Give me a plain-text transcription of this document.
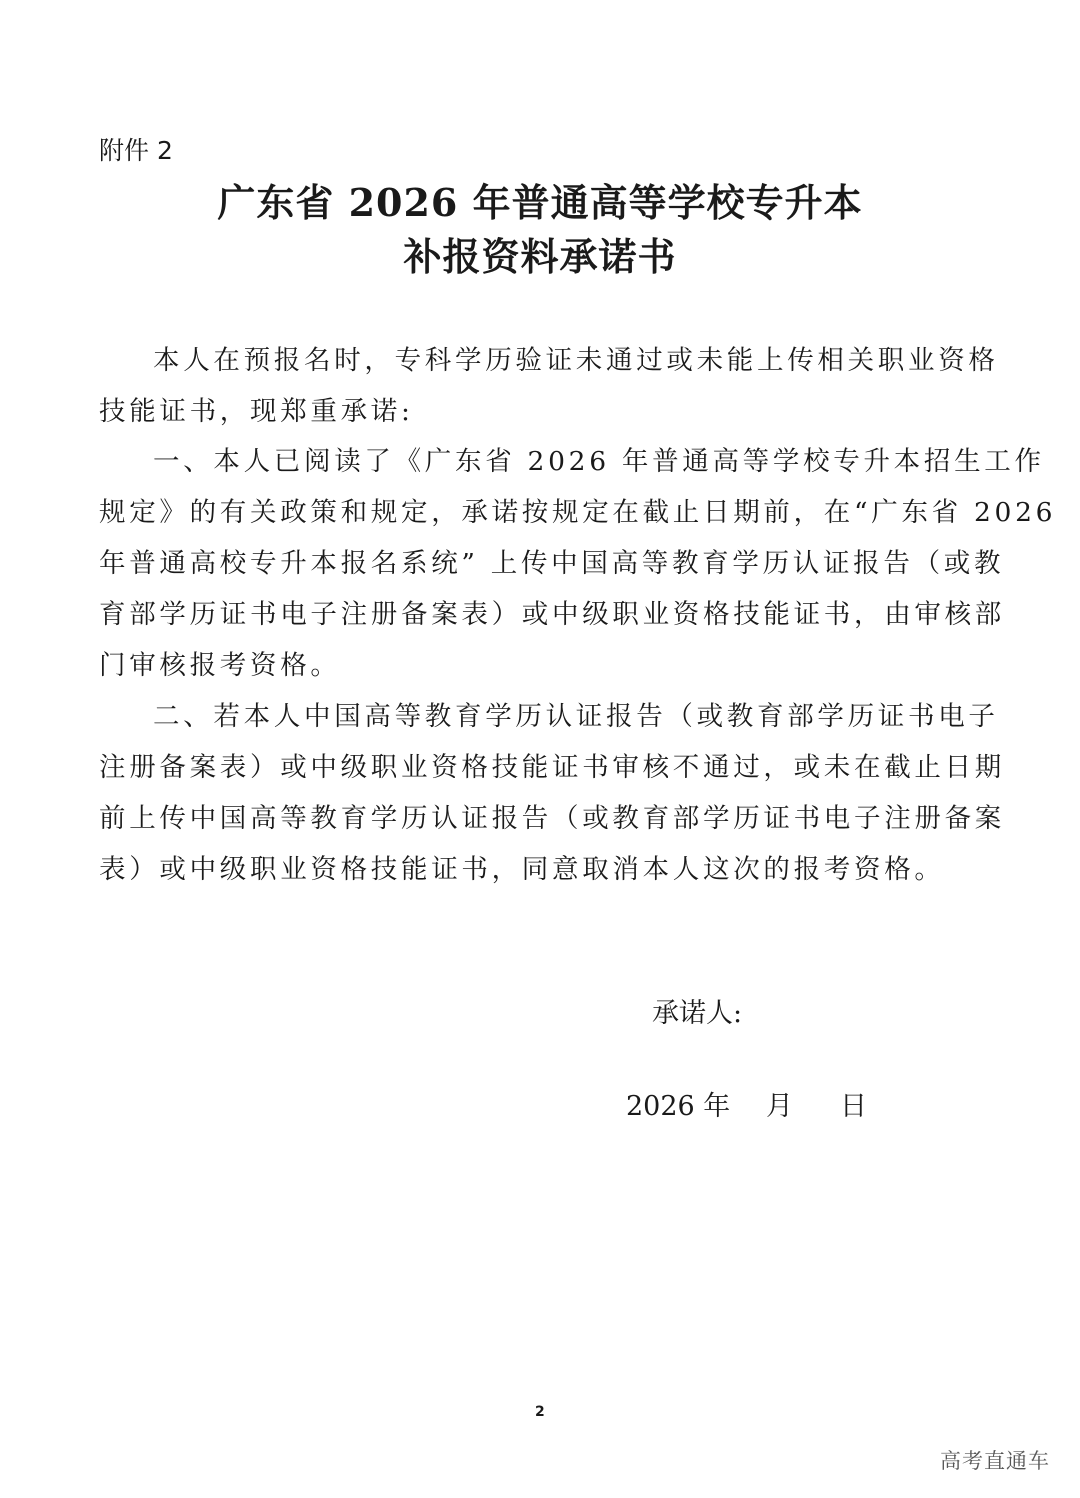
附件 2
广东省 2026 年普通高等学校专升本
补报资料承诺书
本人在预报名时，专科学历验证未通过或未能上传相关职业资格
技能证书，现郑重承诺:
一、本人已阅读了《广东省 2026 年普通高等学校专升本招生工作
规定》的有关政策和规定，承诺按规定在截止日期前，在“广东省 2026
年普通高校专升本报名系统” 上传中国高等教育学历认证报告（或教
育部学历证书电子注册备案表）或中级职业资格技能证书，由审核部
门审核报考资格。
二、若本人中国高等教育学历认证报告（或教育部学历证书电子
注册备案表）或中级职业资格技能证书审核不通过，或未在截止日期
前上传中国高等教育学历认证报告（或教育部学历证书电子注册备案
表）或中级职业资格技能证书，同意取消本人这次的报考资格。
承诺人:
2026 年 月 日
2
高考直通车
